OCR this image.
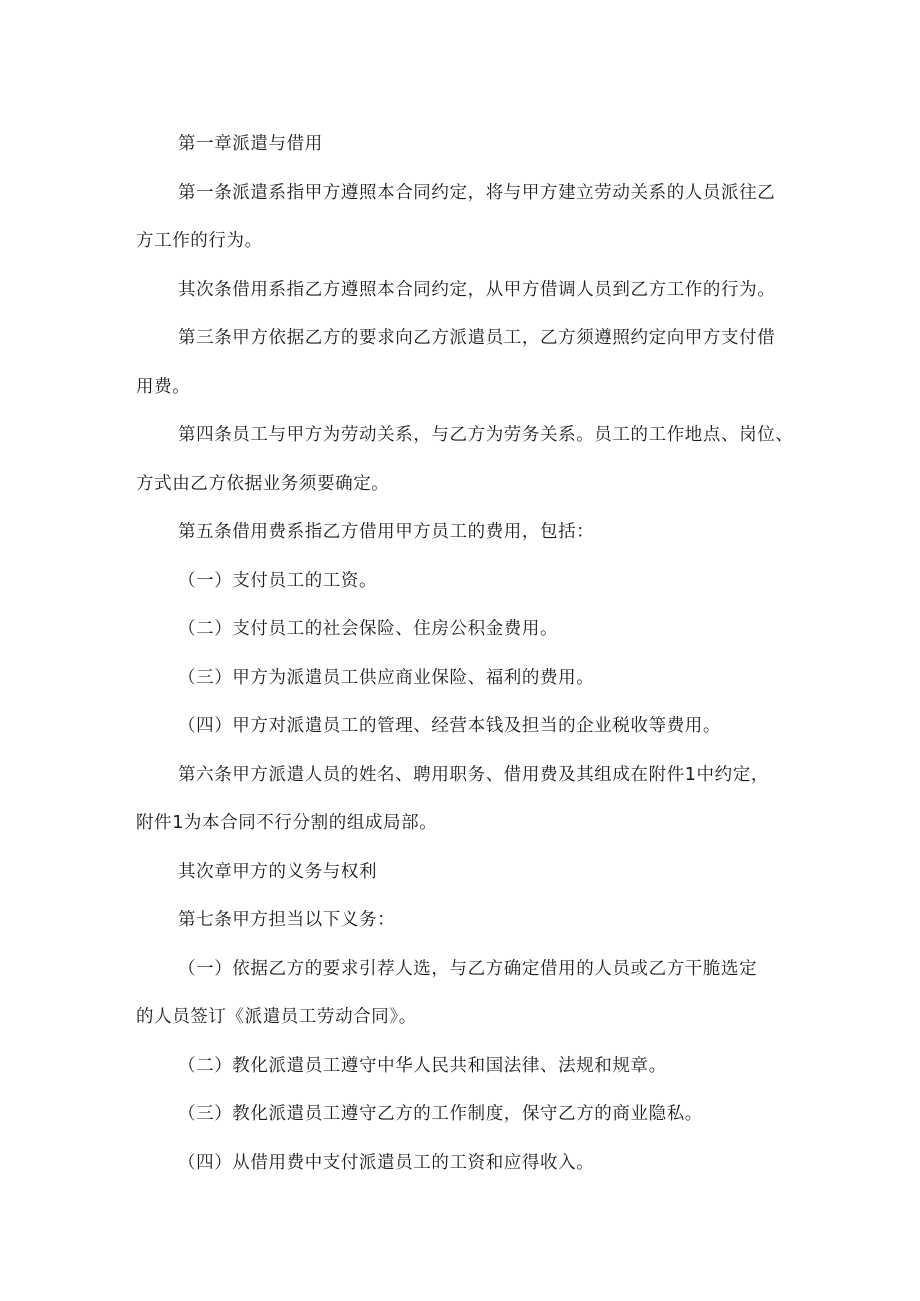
第一章派遣与借用

第一条派遣系指甲方遵照本合同约定，将与甲方建立劳动关系的人员派往乙

方工作的行为。

其次条借用系指乙方遵照本合同约定，从甲方借调人员到乙方工作的行为。

第三条甲方依据乙方的要求向乙方派遣员工，乙方须遵照约定向甲方支付借

用费。

第四条员工与甲方为劳动关系，与乙方为劳务关系。员工的工作地点、岗位、

方式由乙方依据业务须要确定。

第五条借用费系指乙方借用甲方员工的费用，包括：

（一）支付员工的工资。

（二）支付员工的社会保险、住房公积金费用。

（三）甲方为派遣员工供应商业保险、福利的费用。

（四）甲方对派遣员工的管理、经营本钱及担当的企业税收等费用。

第六条甲方派遣人员的姓名、聘用职务、借用费及其组成在附件1中约定，

附件1为本合同不行分割的组成局部。

其次章甲方的义务与权利

第七条甲方担当以下义务：

（一）依据乙方的要求引荐人选，与乙方确定借用的人员或乙方干脆选定

的人员签订《派遣员工劳动合同》。

（二）教化派遣员工遵守中华人民共和国法律、法规和规章。

（三）教化派遣员工遵守乙方的工作制度，保守乙方的商业隐私。

（四）从借用费中支付派遣员工的工资和应得收入。
